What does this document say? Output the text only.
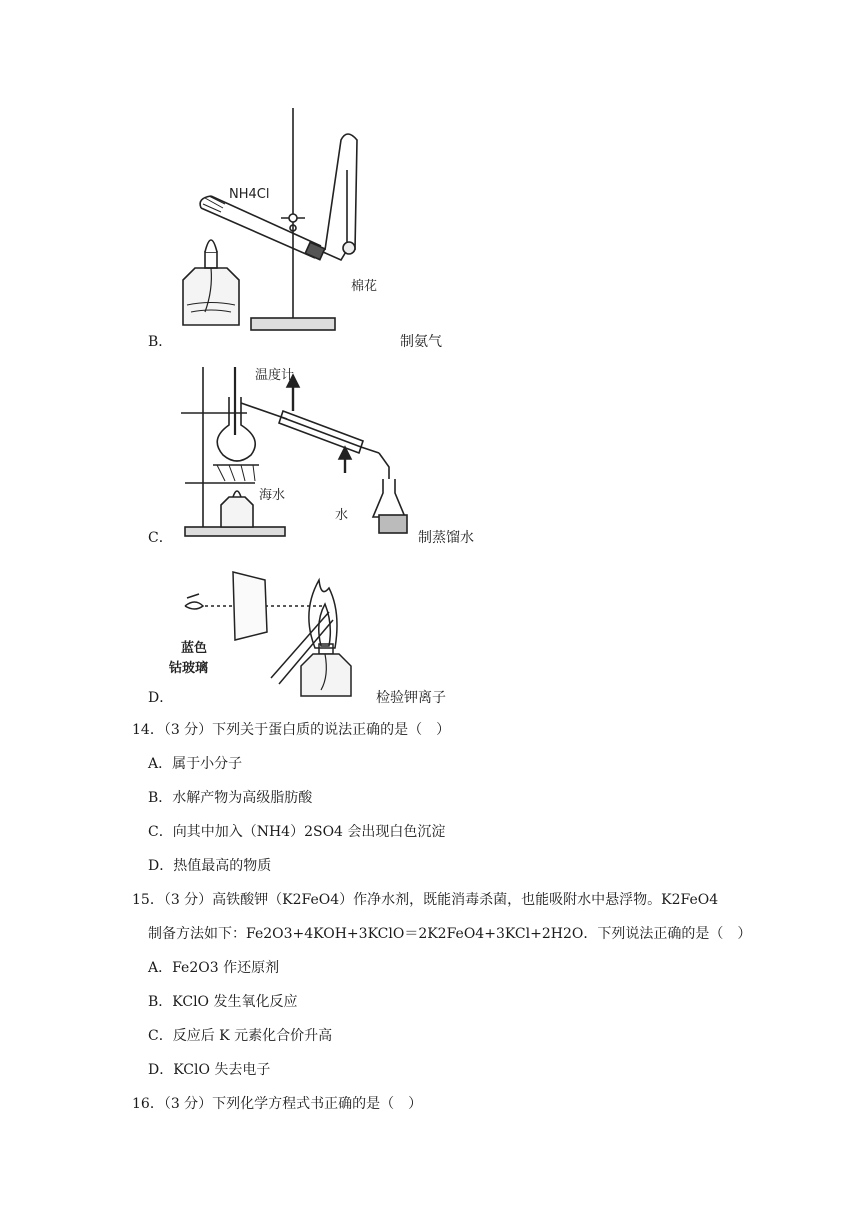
NH4Cl
棉花
B．	制氨气
温度计
海水
水
C．	制蒸馏水
蓝色
钴玻璃
D．	检验钾离子
14．（3 分）下列关于蛋白质的说法正确的是（　）
A．属于小分子
B．水解产物为高级脂肪酸
C．向其中加入（NH4）2SO4 会出现白色沉淀
D．热值最高的物质
15．（3 分）高铁酸钾（K2FeO4）作净水剂，既能消毒杀菌，也能吸附水中悬浮物。K2FeO4
制备方法如下：Fe2O3+4KOH+3KClO＝2K2FeO4+3KCl+2H2O．下列说法正确的是（　）
A．Fe2O3 作还原剂
B．KClO 发生氧化反应
C．反应后 K 元素化合价升高
D．KClO 失去电子
16．（3 分）下列化学方程式书正确的是（　）
